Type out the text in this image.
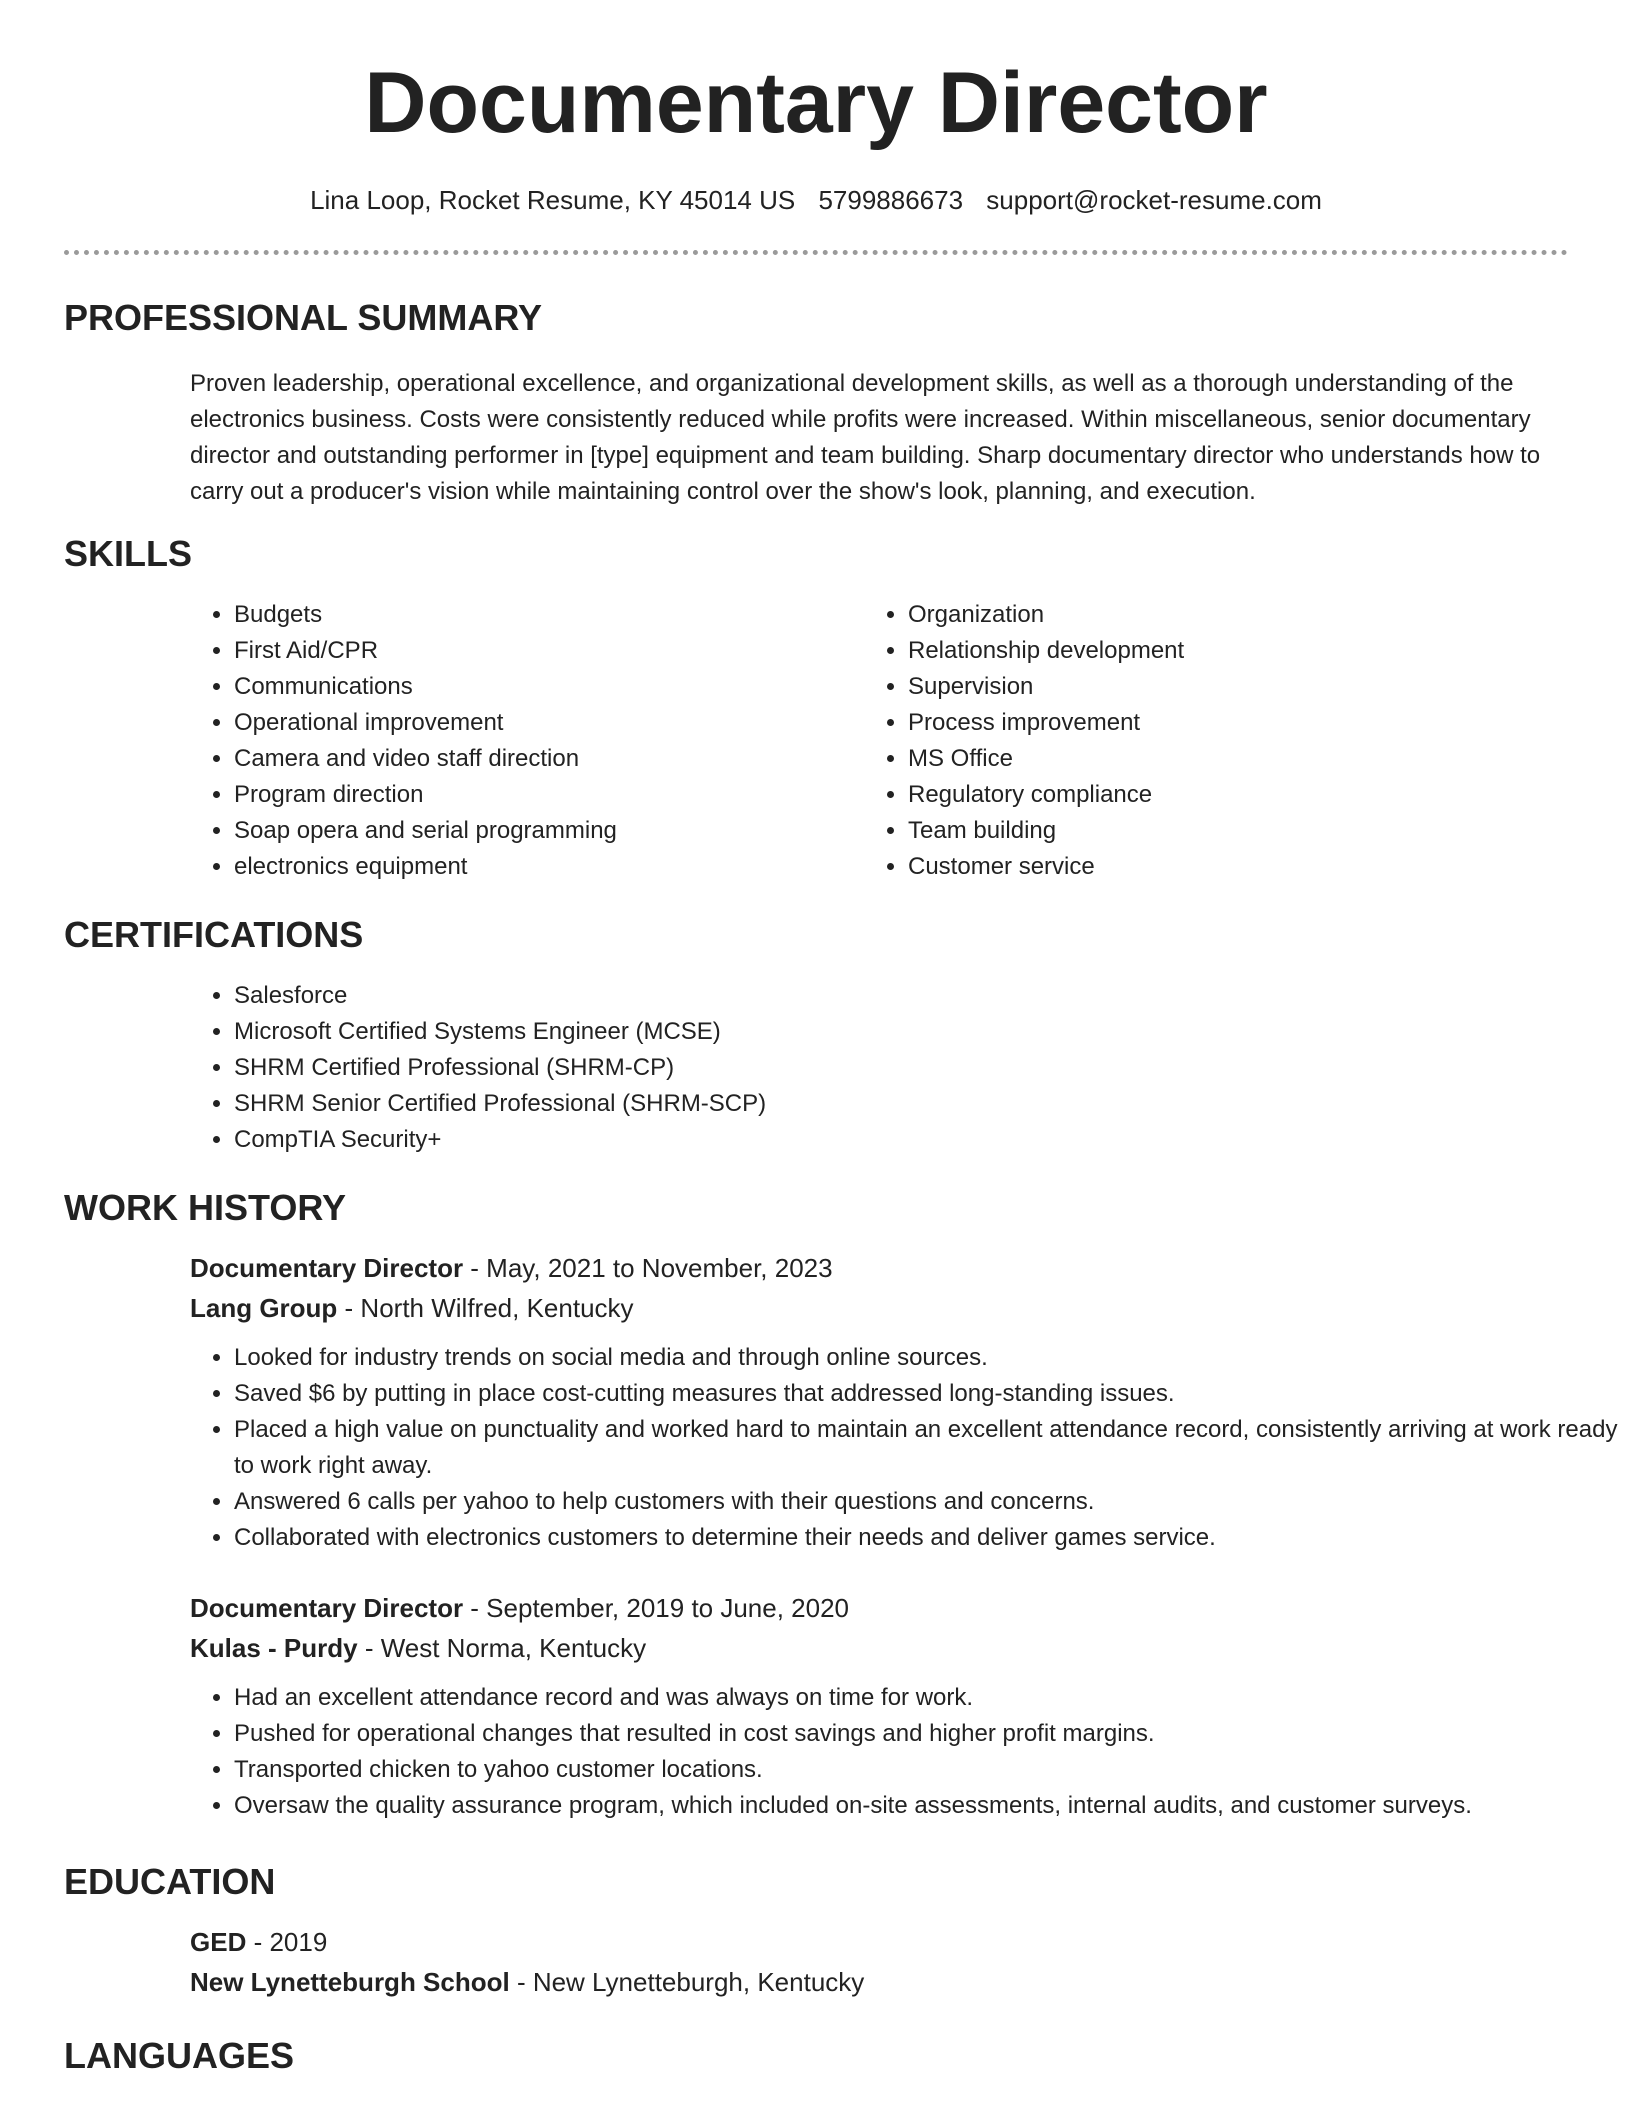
Documentary Director
Lina Loop, Rocket Resume, KY 45014 US 5799886673 support@rocket-resume.com
PROFESSIONAL SUMMARY

Proven leadership, operational excellence, and organizational development skills, as well as a thorough understanding of the electronics business. Costs were consistently reduced while profits were increased. Within miscellaneous, senior documentary director and outstanding performer in [type] equipment and team building. Sharp documentary director who understands how to carry out a producer's vision while maintaining control over the show's look, planning, and execution.

SKILLS
• Budgets
• First Aid/CPR
• Communications
• Operational improvement
• Camera and video staff direction
• Program direction
• Soap opera and serial programming
• electronics equipment
• Organization
• Relationship development
• Supervision
• Process improvement
• MS Office
• Regulatory compliance
• Team building
• Customer service
CERTIFICATIONS
• Salesforce
• Microsoft Certified Systems Engineer (MCSE)
• SHRM Certified Professional (SHRM-CP)
• SHRM Senior Certified Professional (SHRM-SCP)
• CompTIA Security+
WORK HISTORY
Documentary Director - May, 2021 to November, 2023
Lang Group - North Wilfred, Kentucky
• Looked for industry trends on social media and through online sources.
• Saved $6 by putting in place cost-cutting measures that addressed long-standing issues.
• Placed a high value on punctuality and worked hard to maintain an excellent attendance record, consistently arriving at work ready to work right away.
• Answered 6 calls per yahoo to help customers with their questions and concerns.
• Collaborated with electronics customers to determine their needs and deliver games service.
Documentary Director - September, 2019 to June, 2020
Kulas - Purdy - West Norma, Kentucky
• Had an excellent attendance record and was always on time for work.
• Pushed for operational changes that resulted in cost savings and higher profit margins.
• Transported chicken to yahoo customer locations.
• Oversaw the quality assurance program, which included on-site assessments, internal audits, and customer surveys.
EDUCATION
GED - 2019
New Lynetteburgh School - New Lynetteburgh, Kentucky
LANGUAGES
